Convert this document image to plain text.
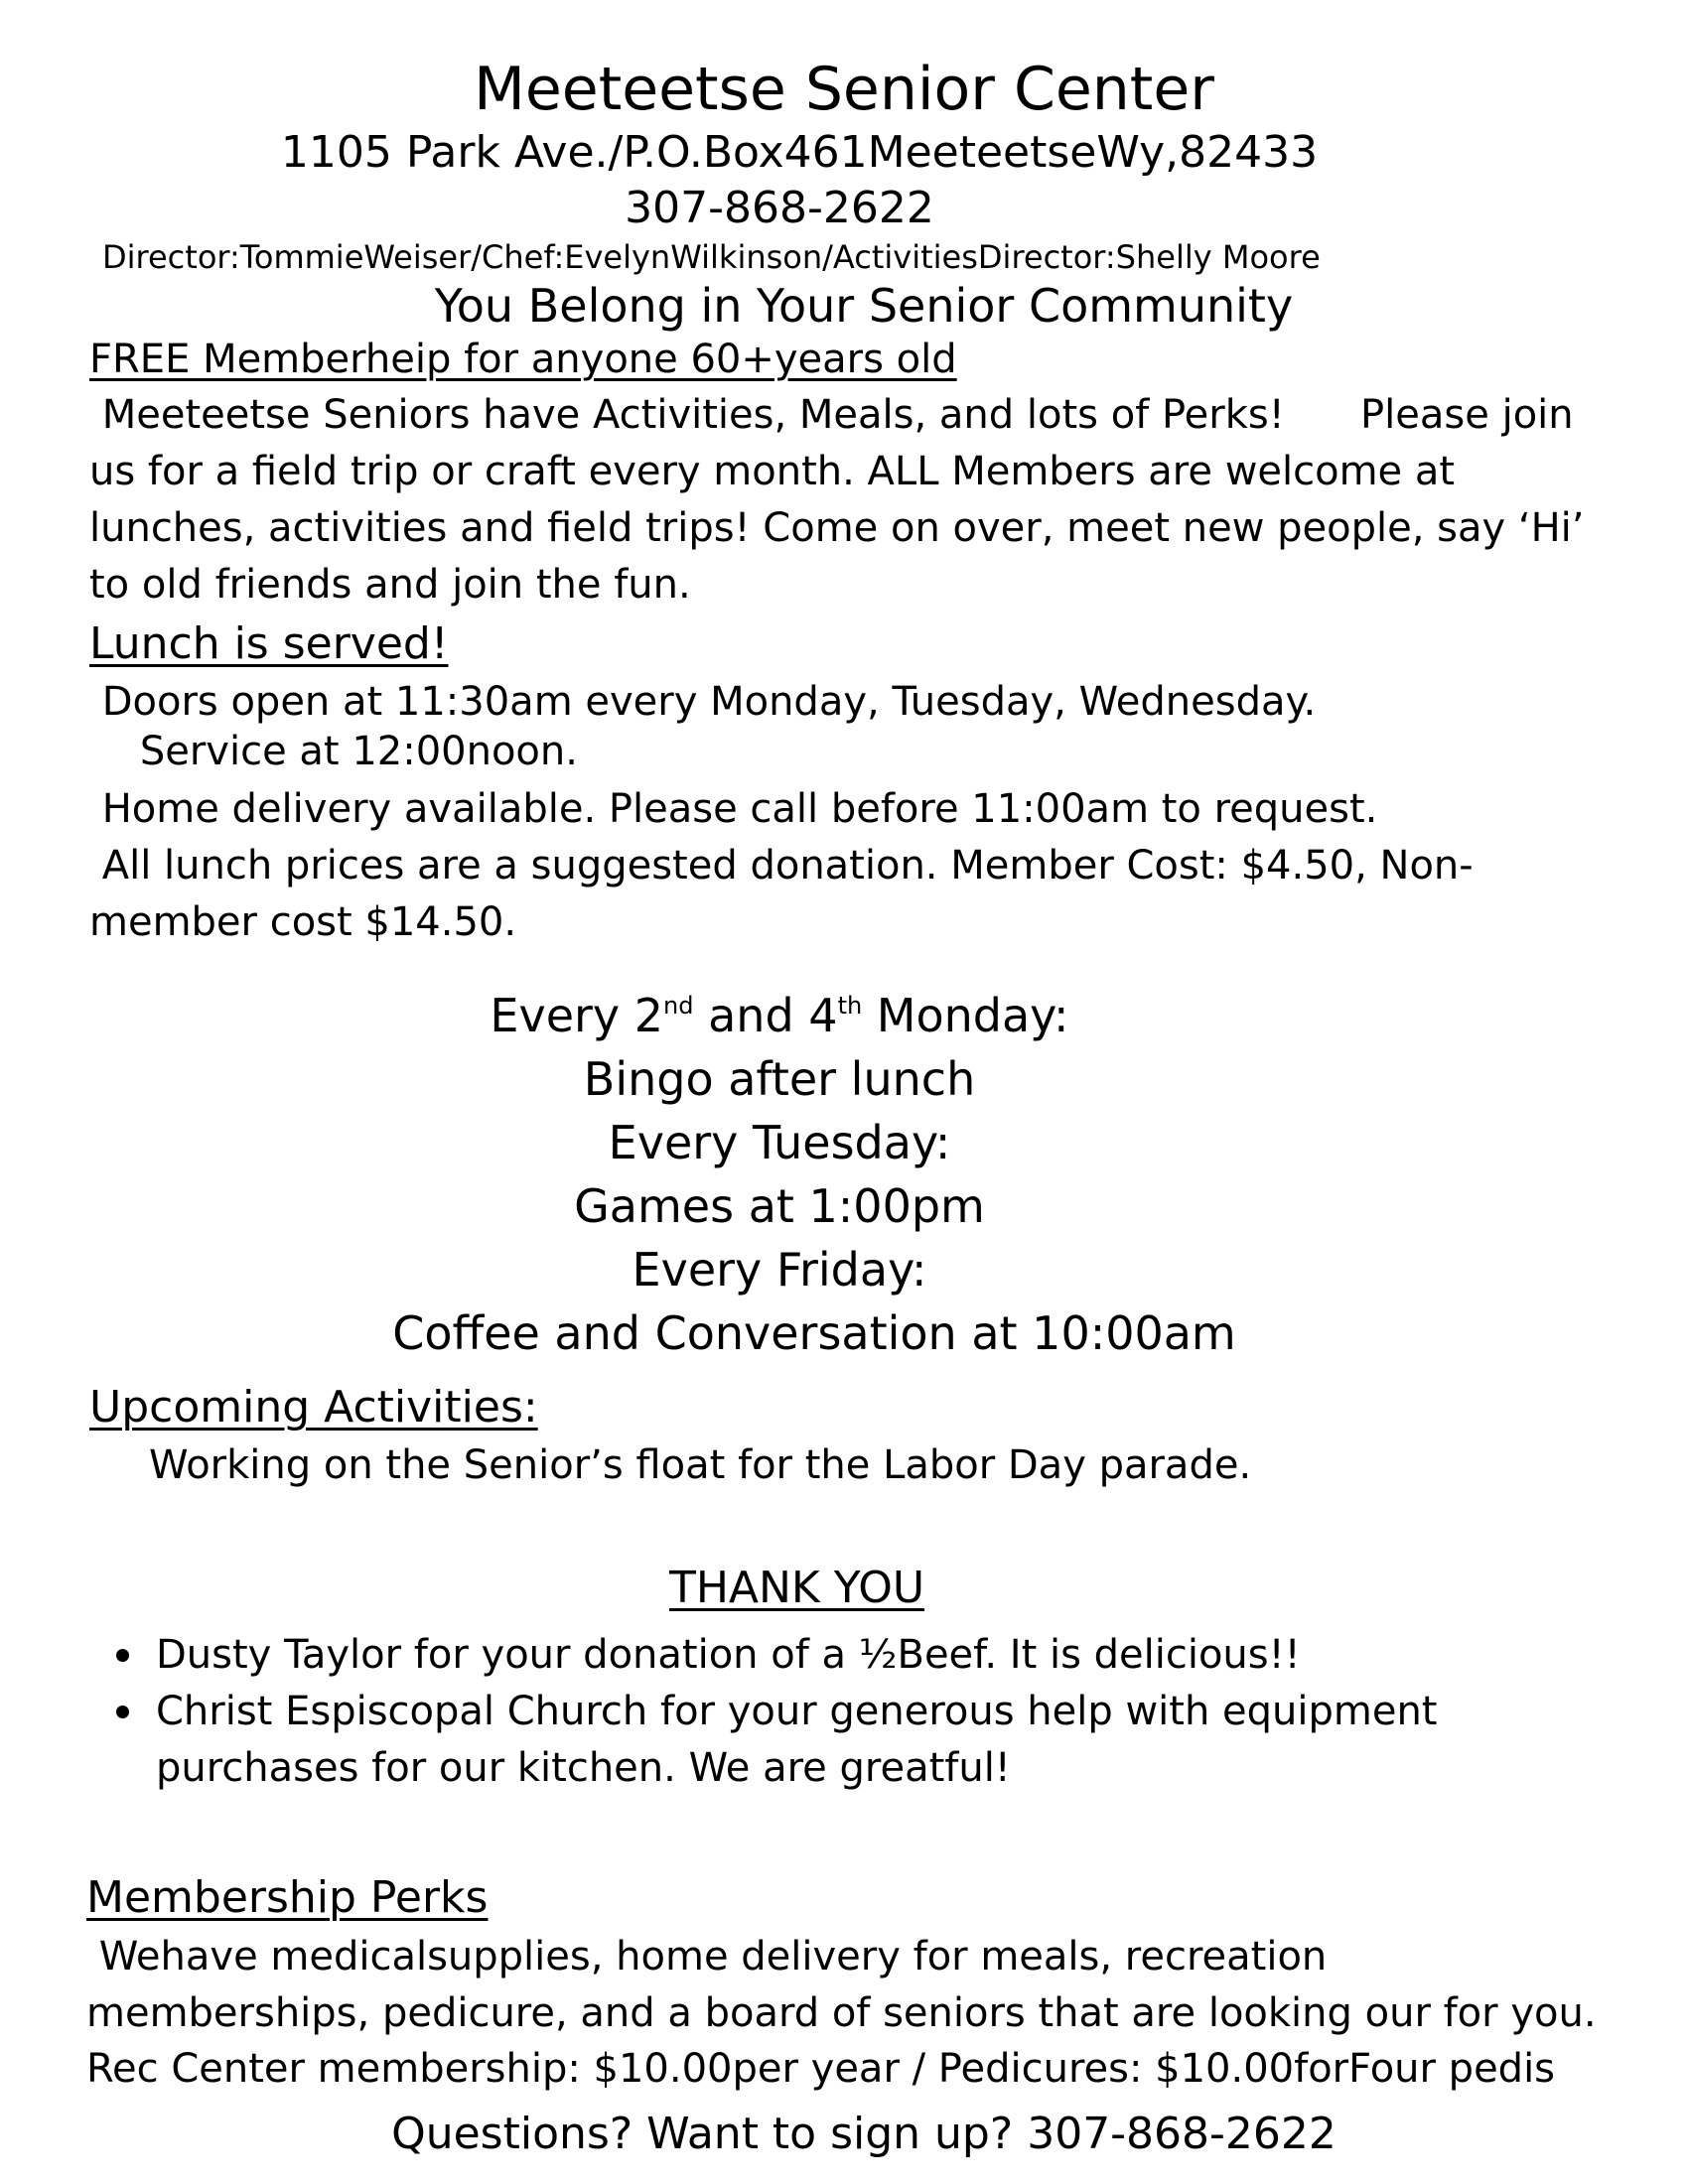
Meeteetse Senior Center
1105 Park Ave./P.O.Box461MeeteetseWy,82433
307-868-2622
Director:TommieWeiser/Chef:EvelynWilkinson/ActivitiesDirector:Shelly Moore
You Belong in Your Senior Community
FREE Memberheip for anyone 60+years old
Meeteetse Seniors have Activities, Meals, and lots of Perks!      Please join
us for a field trip or craft every month. ALL Members are welcome at
lunches, activities and field trips! Come on over, meet new people, say ‘Hi’
to old friends and join the fun.
Lunch is served!
Doors open at 11:30am every Monday, Tuesday, Wednesday.
Service at 12:00noon.
Home delivery available. Please call before 11:00am to request.
All lunch prices are a suggested donation. Member Cost: $4.50, Non-
member cost $14.50.
Every 2nd and 4th Monday:
Bingo after lunch
Every Tuesday:
Games at 1:00pm
Every Friday:
Coffee and Conversation at 10:00am
Upcoming Activities:
Working on the Senior’s float for the Labor Day parade.
THANK YOU
Dusty Taylor for your donation of a ½Beef. It is delicious!!
Christ Espiscopal Church for your generous help with equipment
purchases for our kitchen. We are greatful!
Membership Perks
Wehave medicalsupplies, home delivery for meals, recreation
memberships, pedicure, and a board of seniors that are looking our for you.
Rec Center membership: $10.00per year / Pedicures: $10.00forFour pedis
Questions? Want to sign up? 307-868-2622
